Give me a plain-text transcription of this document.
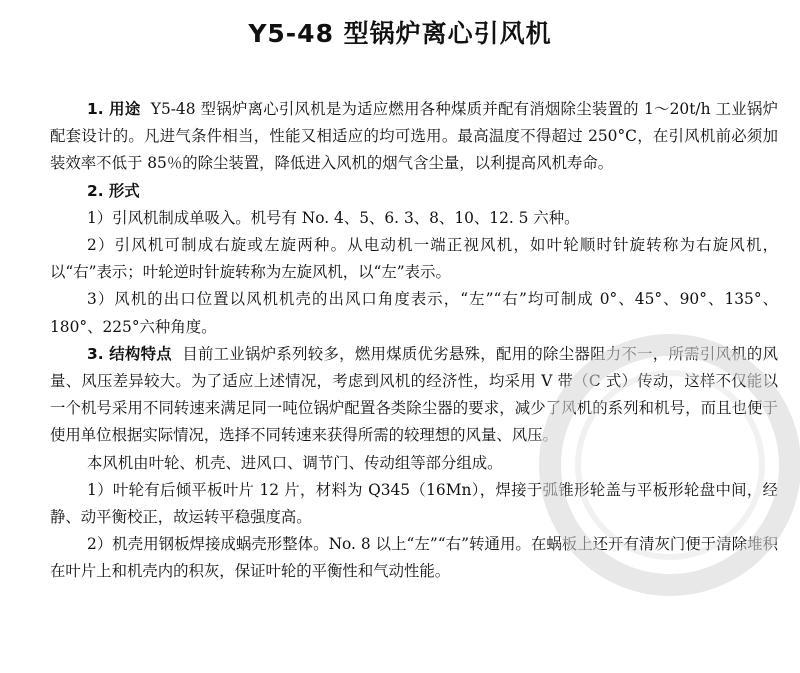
Y5-48 型锅炉离心引风机

1. 用途 Y5-48 型锅炉离心引风机是为适应燃用各种煤质并配有消烟除尘装置的 1～20t/h 工业锅炉配套设计的。凡进气条件相当，性能又相适应的均可选用。最高温度不得超过 250°C，在引风机前必须加装效率不低于 85％的除尘装置，降低进入风机的烟气含尘量，以利提高风机寿命。

2. 形式

1）引风机制成单吸入。机号有 No. 4、5、6. 3、8、10、12. 5 六种。

2）引风机可制成右旋或左旋两种。从电动机一端正视风机，如叶轮顺时针旋转称为右旋风机，以“右”表示；叶轮逆时针旋转称为左旋风机，以“左”表示。

3）风机的出口位置以风机机壳的出风口角度表示，“左”“右”均可制成 0°、45°、90°、135°、180°、225°六种角度。

3. 结构特点 目前工业锅炉系列较多，燃用煤质优劣悬殊，配用的除尘器阻力不一，所需引风机的风量、风压差异较大。为了适应上述情况，考虑到风机的经济性，均采用 V 带（C 式）传动，这样不仅能以一个机号采用不同转速来满足同一吨位锅炉配置各类除尘器的要求，减少了风机的系列和机号，而且也便于使用单位根据实际情况，选择不同转速来获得所需的较理想的风量、风压。

本风机由叶轮、机壳、进风口、调节门、传动组等部分组成。

1）叶轮有后倾平板叶片 12 片，材料为 Q345（16Mn），焊接于弧锥形轮盖与平板形轮盘中间，经静、动平衡校正，故运转平稳强度高。

2）机壳用钢板焊接成蜗壳形整体。No. 8 以上“左”“右”转通用。在蜗板上还开有清灰门便于清除堆积在叶片上和机壳内的积灰，保证叶轮的平衡性和气动性能。
